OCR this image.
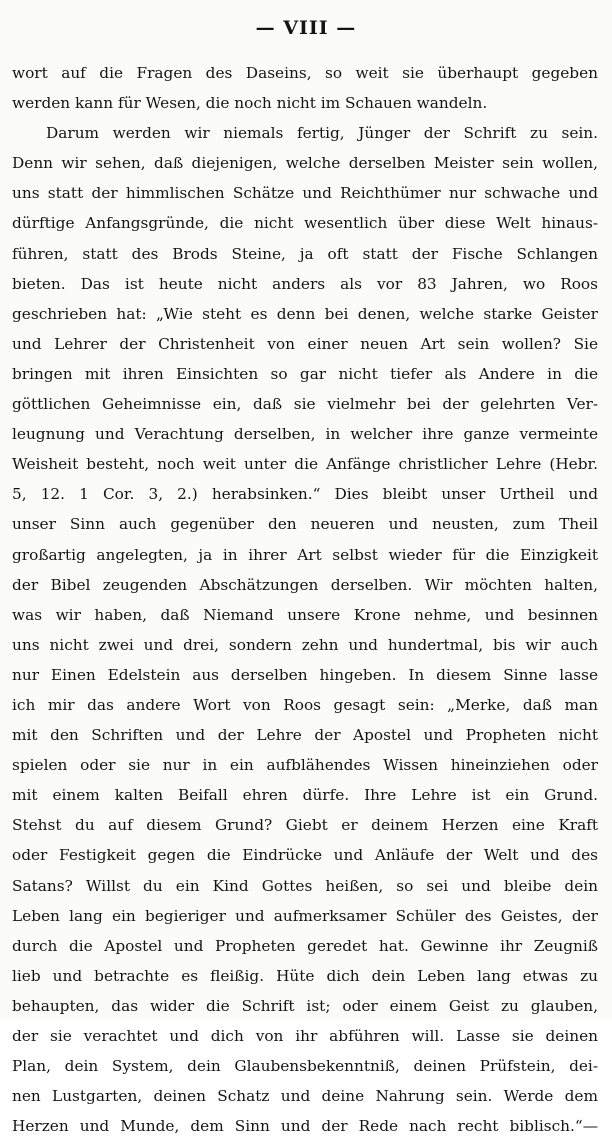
— VIII —
wort auf die Fragen des Daseins, so weit sie überhaupt gegeben
werden kann für Wesen, die noch nicht im Schauen wandeln.
Darum werden wir niemals fertig, Jünger der Schrift zu sein.
Denn wir sehen, daß diejenigen, welche derselben Meister sein wollen,
uns statt der himmlischen Schätze und Reichthümer nur schwache und
dürftige Anfangsgründe, die nicht wesentlich über diese Welt hinaus-
führen, statt des Brods Steine, ja oft statt der Fische Schlangen
bieten. Das ist heute nicht anders als vor 83 Jahren, wo Roos
geschrieben hat: „Wie steht es denn bei denen, welche starke Geister
und Lehrer der Christenheit von einer neuen Art sein wollen? Sie
bringen mit ihren Einsichten so gar nicht tiefer als Andere in die
göttlichen Geheimnisse ein, daß sie vielmehr bei der gelehrten Ver-
leugnung und Verachtung derselben, in welcher ihre ganze vermeinte
Weisheit besteht, noch weit unter die Anfänge christlicher Lehre (Hebr.
5, 12. 1 Cor. 3, 2.) herabsinken.“ Dies bleibt unser Urtheil und
unser Sinn auch gegenüber den neueren und neusten, zum Theil
großartig angelegten, ja in ihrer Art selbst wieder für die Einzigkeit
der Bibel zeugenden Abschätzungen derselben. Wir möchten halten,
was wir haben, daß Niemand unsere Krone nehme, und besinnen
uns nicht zwei und drei, sondern zehn und hundertmal, bis wir auch
nur Einen Edelstein aus derselben hingeben. In diesem Sinne lasse
ich mir das andere Wort von Roos gesagt sein: „Merke, daß man
mit den Schriften und der Lehre der Apostel und Propheten nicht
spielen oder sie nur in ein aufblähendes Wissen hineinziehen oder
mit einem kalten Beifall ehren dürfe. Ihre Lehre ist ein Grund.
Stehst du auf diesem Grund? Giebt er deinem Herzen eine Kraft
oder Festigkeit gegen die Eindrücke und Anläufe der Welt und des
Satans? Willst du ein Kind Gottes heißen, so sei und bleibe dein
Leben lang ein begieriger und aufmerksamer Schüler des Geistes, der
durch die Apostel und Propheten geredet hat. Gewinne ihr Zeugniß
lieb und betrachte es fleißig. Hüte dich dein Leben lang etwas zu
behaupten, das wider die Schrift ist; oder einem Geist zu glauben,
der sie verachtet und dich von ihr abführen will. Lasse sie deinen
Plan, dein System, dein Glaubensbekenntniß, deinen Prüfstein, dei-
nen Lustgarten, deinen Schatz und deine Nahrung sein. Werde dem
Herzen und Munde, dem Sinn und der Rede nach recht biblisch.“—
